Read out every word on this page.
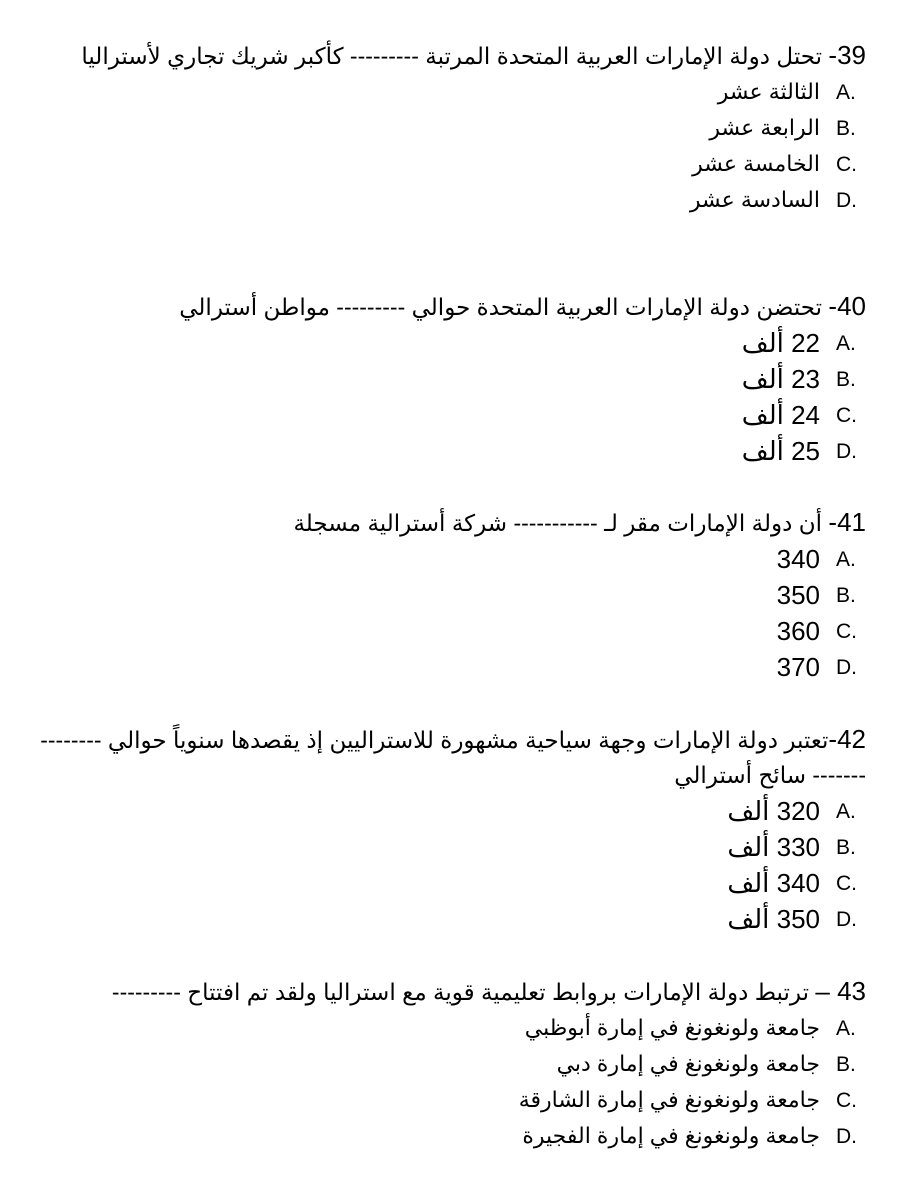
39- تحتل دولة الإمارات العربية المتحدة المرتبة --------- كأكبر شريك تجاري لأستراليا

A.
الثالثة عشر
B.
الرابعة عشر
C.
الخامسة عشر
D.
السادسة عشر

40- تحتضن دولة الإمارات العربية المتحدة حوالي --------- مواطن أسترالي

A.
22 ألف
B.
23 ألف
C.
24 ألف
D.
25 ألف

41- أن دولة الإمارات مقر لـ ----------- شركة أسترالية مسجلة

A.
340
B.
350
C.
360
D.
370

42-تعتبر دولة الإمارات وجهة سياحية مشهورة للاستراليين إذ يقصدها سنوياً حوالي --------------- سائح أسترالي

A.
320 ألف
B.
330 ألف
C.
340 ألف
D.
350 ألف

43 – ترتبط دولة الإمارات بروابط تعليمية قوية مع استراليا ولقد تم افتتاح ---------

A.
جامعة ولونغونغ في إمارة أبوظبي
B.
جامعة ولونغونغ في إمارة دبي
C.
جامعة ولونغونغ في إمارة الشارقة
D.
جامعة ولونغونغ في إمارة الفجيرة
